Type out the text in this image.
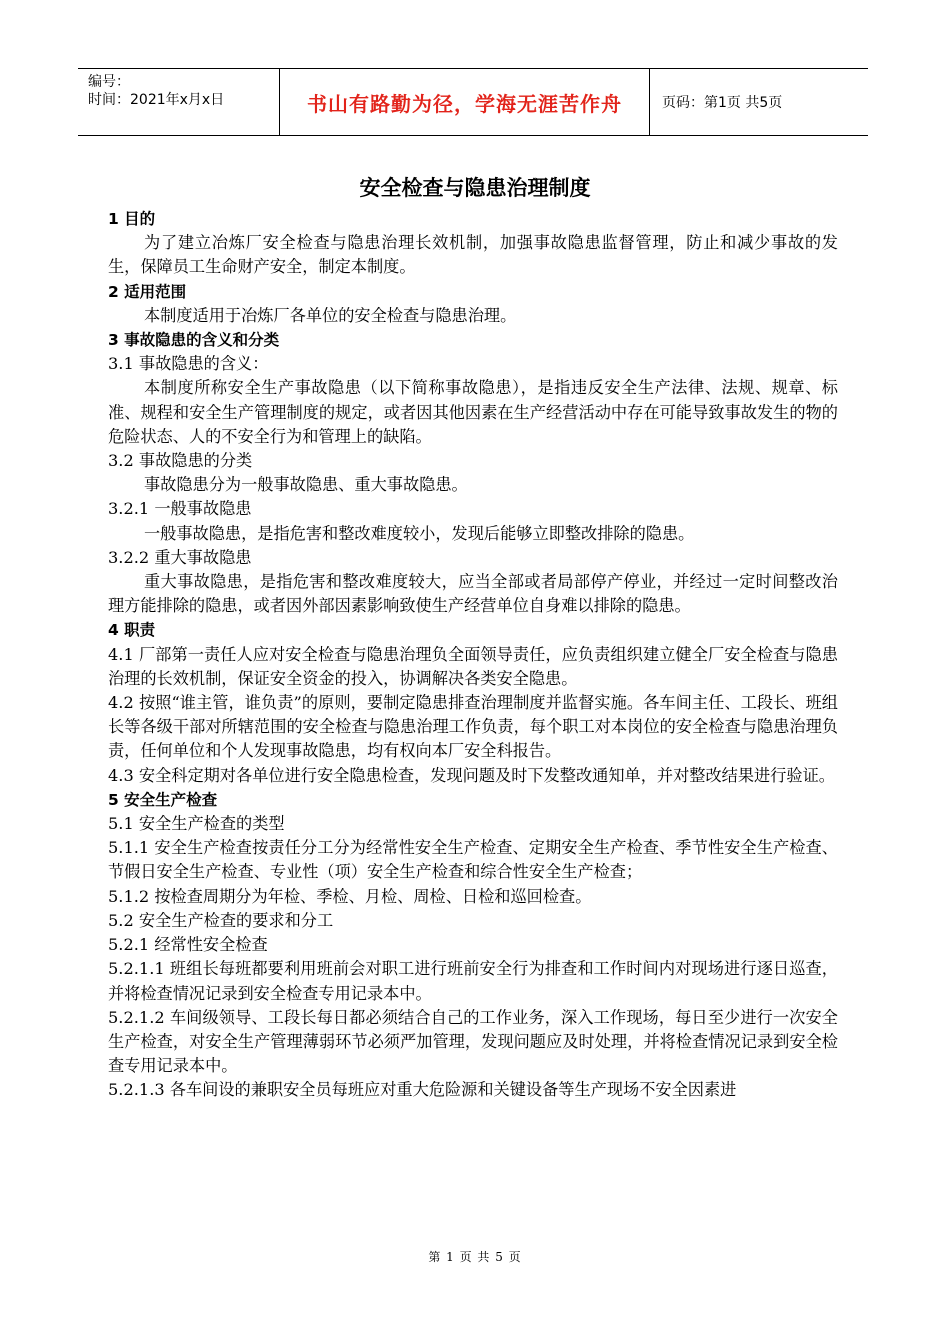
编号：
时间：2021年x月x日	书山有路勤为径，学海无涯苦作舟	页码：第1页 共5页
安全检查与隐患治理制度

1 目的

为了建立冶炼厂安全检查与隐患治理长效机制，加强事故隐患监督管理，防止和减少事故的发生，保障员工生命财产安全，制定本制度。

2 适用范围

本制度适用于冶炼厂各单位的安全检查与隐患治理。

3 事故隐患的含义和分类

3.1 事故隐患的含义：

本制度所称安全生产事故隐患（以下简称事故隐患），是指违反安全生产法律、法规、规章、标准、规程和安全生产管理制度的规定，或者因其他因素在生产经营活动中存在可能导致事故发生的物的危险状态、人的不安全行为和管理上的缺陷。

3.2 事故隐患的分类

事故隐患分为一般事故隐患、重大事故隐患。

3.2.1 一般事故隐患

一般事故隐患，是指危害和整改难度较小，发现后能够立即整改排除的隐患。

3.2.2 重大事故隐患

重大事故隐患，是指危害和整改难度较大，应当全部或者局部停产停业，并经过一定时间整改治理方能排除的隐患，或者因外部因素影响致使生产经营单位自身难以排除的隐患。

4 职责

4.1 厂部第一责任人应对安全检查与隐患治理负全面领导责任，应负责组织建立健全厂安全检查与隐患治理的长效机制，保证安全资金的投入，协调解决各类安全隐患。

4.2 按照“谁主管，谁负责”的原则，要制定隐患排查治理制度并监督实施。各车间主任、工段长、班组长等各级干部对所辖范围的安全检查与隐患治理工作负责，每个职工对本岗位的安全检查与隐患治理负责，任何单位和个人发现事故隐患，均有权向本厂安全科报告。

4.3 安全科定期对各单位进行安全隐患检查，发现问题及时下发整改通知单，并对整改结果进行验证。

5 安全生产检查

5.1 安全生产检查的类型

5.1.1 安全生产检查按责任分工分为经常性安全生产检查、定期安全生产检查、季节性安全生产检查、节假日安全生产检查、专业性（项）安全生产检查和综合性安全生产检查；

5.1.2 按检查周期分为年检、季检、月检、周检、日检和巡回检查。

5.2 安全生产检查的要求和分工

5.2.1 经常性安全检查

5.2.1.1 班组长每班都要利用班前会对职工进行班前安全行为排查和工作时间内对现场进行逐日巡查，并将检查情况记录到安全检查专用记录本中。

5.2.1.2 车间级领导、工段长每日都必须结合自己的工作业务，深入工作现场，每日至少进行一次安全生产检查，对安全生产管理薄弱环节必须严加管理，发现问题应及时处理，并将检查情况记录到安全检查专用记录本中。

5.2.1.3 各车间设的兼职安全员每班应对重大危险源和关键设备等生产现场不安全因素进

第 1 页 共 5 页
